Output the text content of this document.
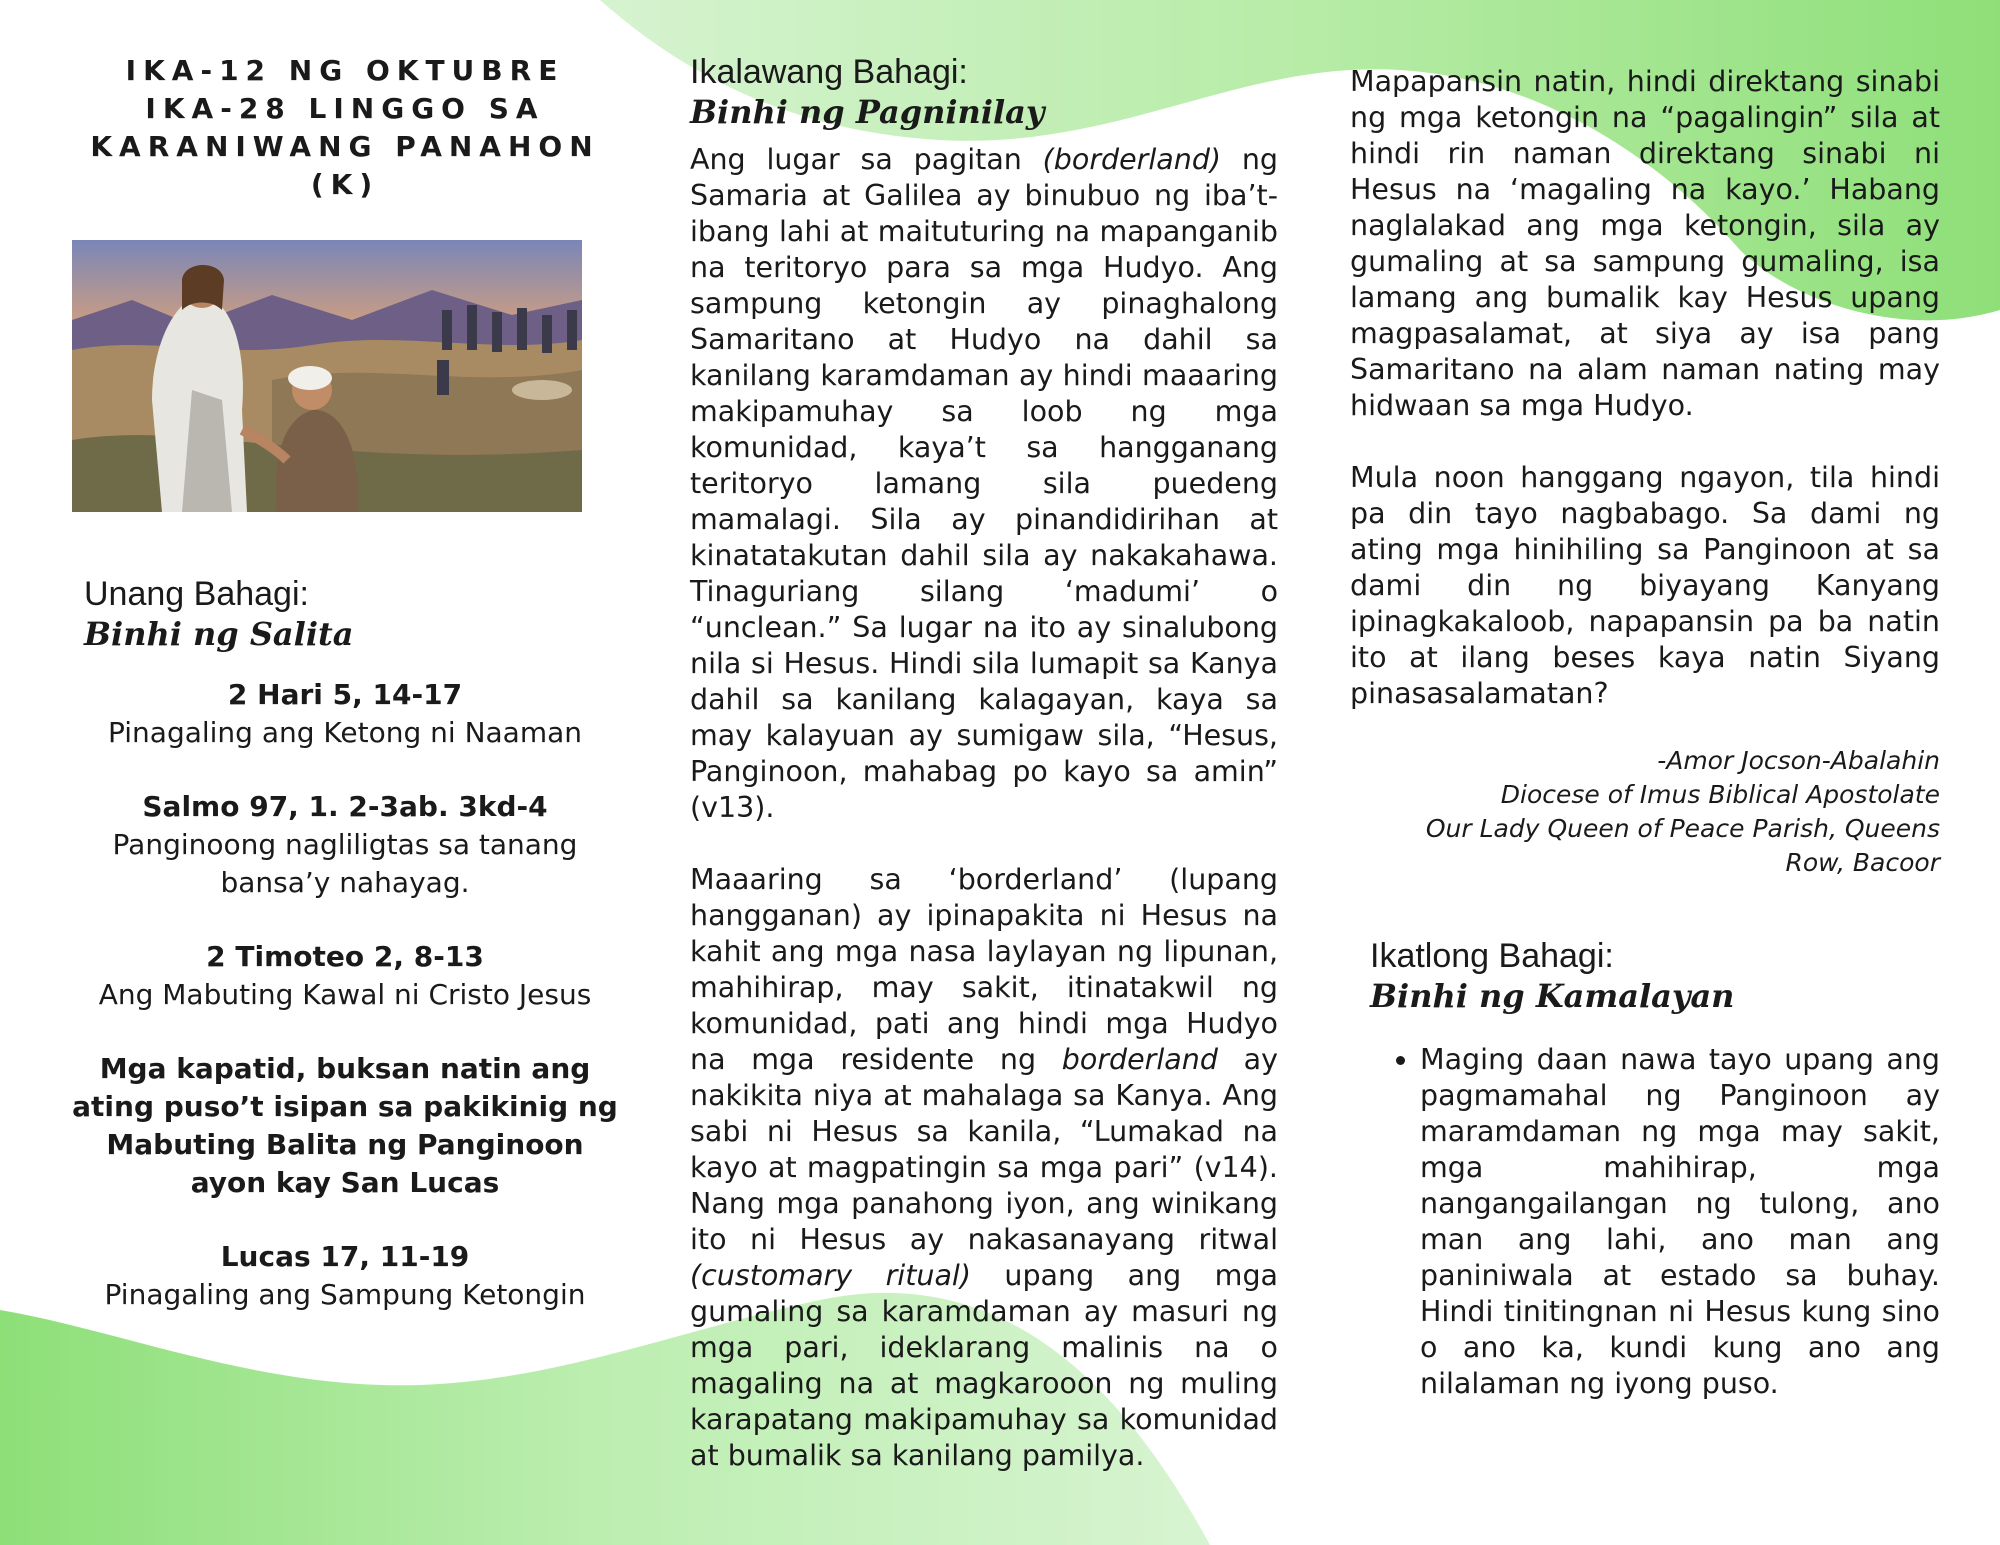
IKA-12 NG OKTUBRE
IKA-28 LINGGO SA
KARANIWANG PANAHON
(K)
Unang Bahagi:
Binhi ng Salita
2 Hari 5, 14-17
Pinagaling ang Ketong ni Naaman
Salmo 97, 1. 2-3ab. 3kd-4
Panginoong nagliligtas sa tanang bansa’y nahayag.
2 Timoteo 2, 8-13
Ang Mabuting Kawal ni Cristo Jesus
Mga kapatid, buksan natin ang ating puso’t isipan sa pakikinig ng Mabuting Balita ng Panginoon ayon kay San Lucas
Lucas 17, 11-19
Pinagaling ang Sampung Ketongin
Ikalawang Bahagi:
Binhi ng Pagninilay

Ang lugar sa pagitan (borderland) ng Samaria at Galilea ay binubuo ng iba’t-ibang lahi at maituturing na mapanganib na teritoryo para sa mga Hudyo. Ang sampung ketongin ay pinaghalong Samaritano at Hudyo na dahil sa kanilang karamdaman ay hindi maaaring makipamuhay sa loob ng mga komunidad, kaya’t sa hangganang teritoryo lamang sila puedeng mamalagi. Sila ay pinandidirihan at kinatatakutan dahil sila ay nakakahawa. Tinaguriang silang ‘madumi’ o “unclean.” Sa lugar na ito ay sinalubong nila si Hesus. Hindi sila lumapit sa Kanya dahil sa kanilang kalagayan, kaya sa may kalayuan ay sumigaw sila, “Hesus, Panginoon, mahabag po kayo sa amin” (v13).

Maaaring sa ‘borderland’ (lupang hangganan) ay ipinapakita ni Hesus na kahit ang mga nasa laylayan ng lipunan, mahihirap, may sakit, itinatakwil ng komunidad, pati ang hindi mga Hudyo na mga residente ng borderland ay nakikita niya at mahalaga sa Kanya. Ang sabi ni Hesus sa kanila, “Lumakad na kayo at magpatingin sa mga pari” (v14). Nang mga panahong iyon, ang winikang ito ni Hesus ay nakasanayang ritwal (customary ritual) upang ang mga gumaling sa karamdaman ay masuri ng mga pari, ideklarang malinis na o magaling na at magkarooon ng muling karapatang makipamuhay sa komunidad at bumalik sa kanilang pamilya.

Mapapansin natin, hindi direktang sinabi ng mga ketongin na “pagalingin” sila at hindi rin naman direktang sinabi ni Hesus na ‘magaling na kayo.’ Habang naglalakad ang mga ketongin, sila ay gumaling at sa sampung gumaling, isa lamang ang bumalik kay Hesus upang magpasalamat, at siya ay isa pang Samaritano na alam naman nating may hidwaan sa mga Hudyo.

Mula noon hanggang ngayon, tila hindi pa din tayo nagbabago. Sa dami ng ating mga hinihiling sa Panginoon at sa dami din ng biyayang Kanyang ipinagkakaloob, napapansin pa ba natin ito at ilang beses kaya natin Siyang pinasasalamatan?

-Amor Jocson-Abalahin
Diocese of Imus Biblical Apostolate
Our Lady Queen of Peace Parish, Queens Row, Bacoor
Ikatlong Bahagi:
Binhi ng Kamalayan
• Maging daan nawa tayo upang ang pagmamahal ng Panginoon ay maramdaman ng mga may sakit, mga mahihirap, mga nangangailangan ng tulong, ano man ang lahi, ano man ang paniniwala at estado sa buhay. Hindi tinitingnan ni Hesus kung sino o ano ka, kundi kung ano ang nilalaman ng iyong puso.
